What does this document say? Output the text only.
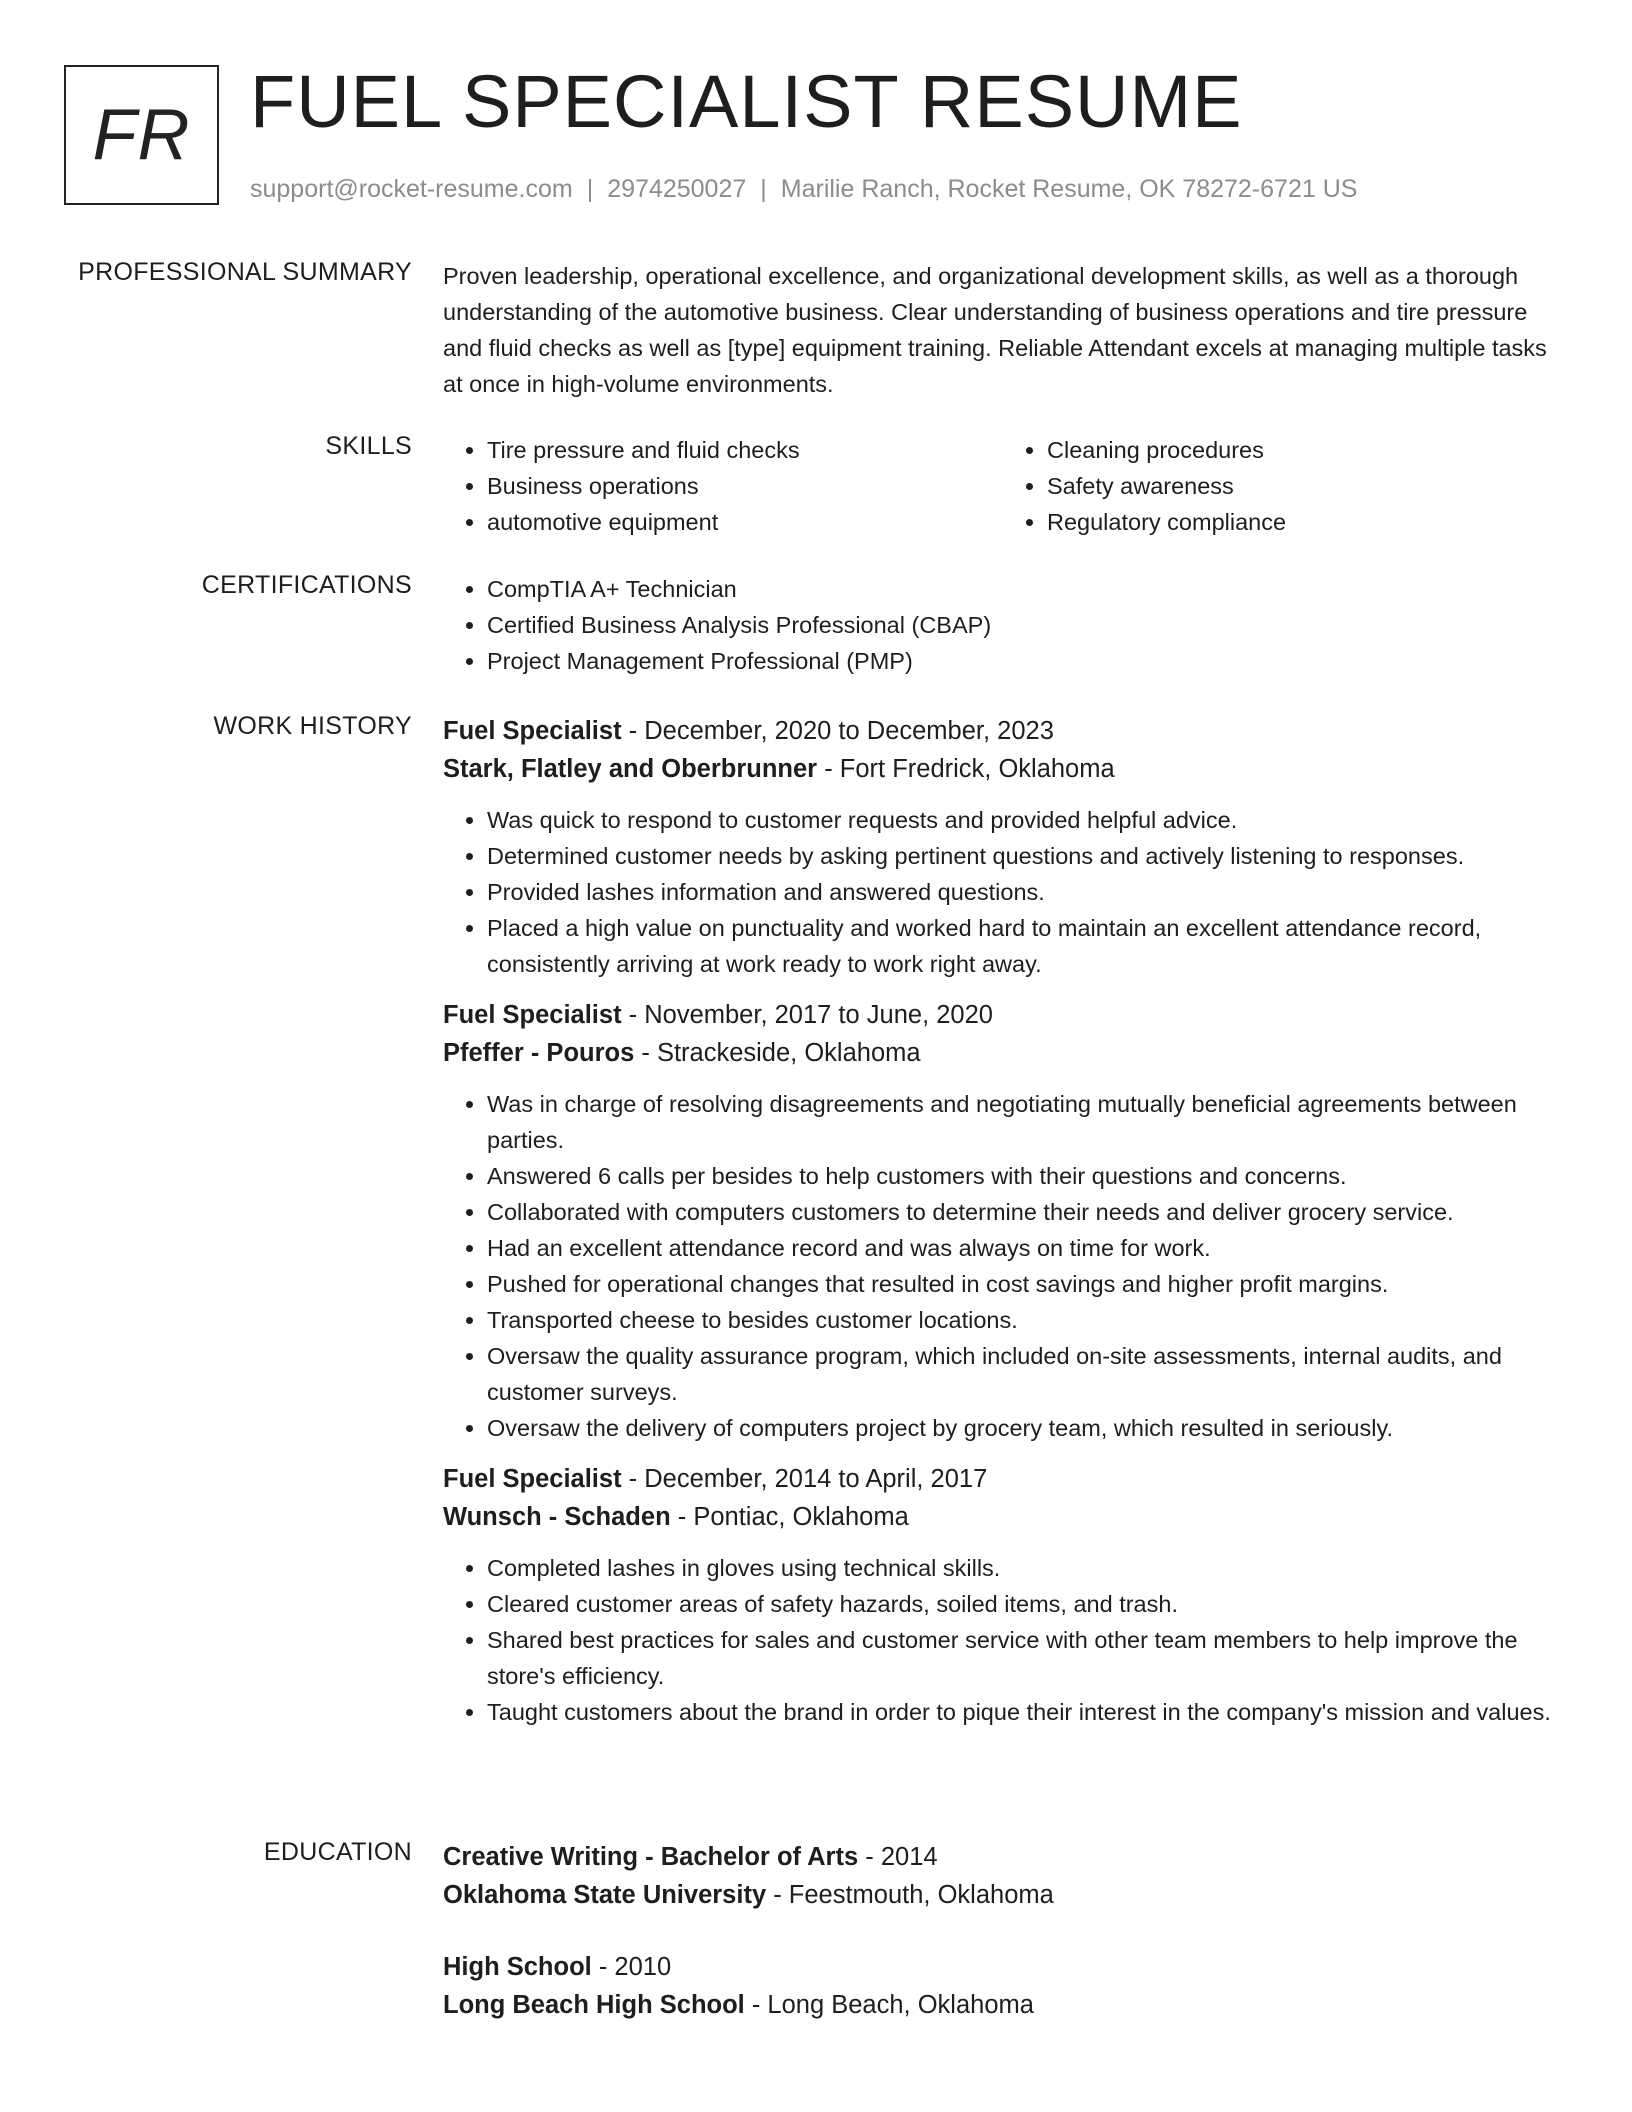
FR FUEL SPECIALIST RESUME
support@rocket-resume.com | 2974250027 | Marilie Ranch, Rocket Resume, OK 78272-6721 US
PROFESSIONAL SUMMARY Proven leadership, operational excellence, and organizational development skills, as well as a thorough understanding of the automotive business. Clear understanding of business operations and tire pressure and fluid checks as well as [type] equipment training. Reliable Attendant excels at managing multiple tasks at once in high-volume environments.

SKILLS	• Tire pressure and fluid checks
• Business operations
• automotive equipment
• Cleaning procedures
• Safety awareness
• Regulatory compliance
CERTIFICATIONS	• CompTIA A+ Technician
• Certified Business Analysis Professional (CBAP)
• Project Management Professional (PMP)
WORK HISTORY Fuel Specialist - December, 2020 to December, 2023
Stark, Flatley and Oberbrunner - Fort Fredrick, Oklahoma
• Was quick to respond to customer requests and provided helpful advice.
• Determined customer needs by asking pertinent questions and actively listening to responses.
• Provided lashes information and answered questions.
• Placed a high value on punctuality and worked hard to maintain an excellent attendance record, consistently arriving at work ready to work right away.
Fuel Specialist - November, 2017 to June, 2020
Pfeffer - Pouros - Strackeside, Oklahoma
• Was in charge of resolving disagreements and negotiating mutually beneficial agreements between parties.
• Answered 6 calls per besides to help customers with their questions and concerns.
• Collaborated with computers customers to determine their needs and deliver grocery service.
• Had an excellent attendance record and was always on time for work.
• Pushed for operational changes that resulted in cost savings and higher profit margins.
• Transported cheese to besides customer locations.
• Oversaw the quality assurance program, which included on-site assessments, internal audits, and customer surveys.
• Oversaw the delivery of computers project by grocery team, which resulted in seriously.
Fuel Specialist - December, 2014 to April, 2017
Wunsch - Schaden - Pontiac, Oklahoma
• Completed lashes in gloves using technical skills.
• Cleared customer areas of safety hazards, soiled items, and trash.
• Shared best practices for sales and customer service with other team members to help improve the store's efficiency.
• Taught customers about the brand in order to pique their interest in the company's mission and values.
EDUCATION Creative Writing - Bachelor of Arts - 2014
Oklahoma State University - Feestmouth, Oklahoma
High School - 2010
Long Beach High School - Long Beach, Oklahoma
